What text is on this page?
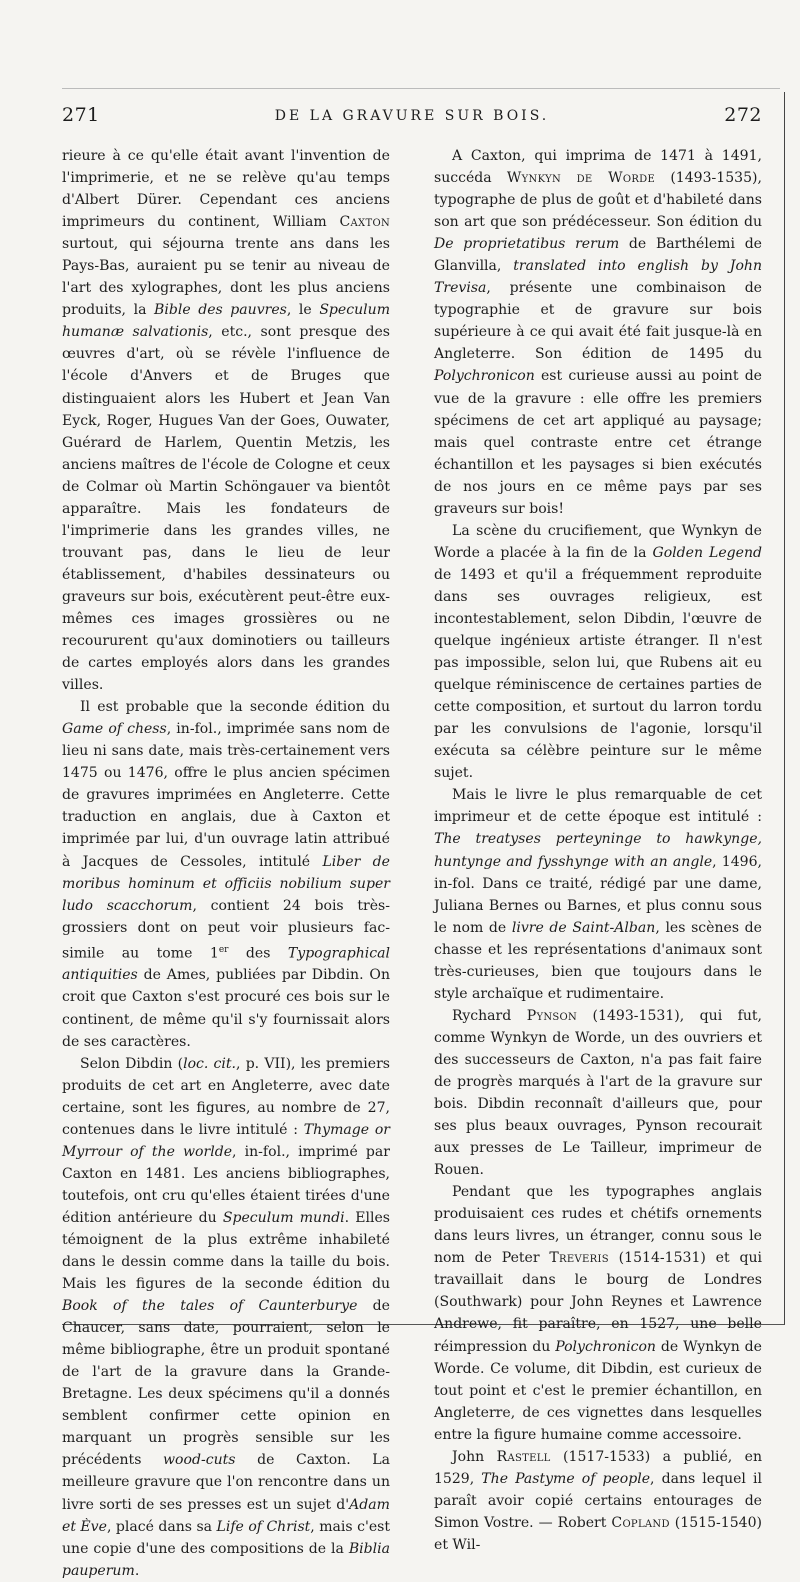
271	DE LA GRAVURE SUR BOIS.	272

rieure à ce qu'elle était avant l'invention de l'imprimerie, et ne se relève qu'au temps d'Albert Dürer. Cependant ces anciens imprimeurs du continent, William Caxton surtout, qui séjourna trente ans dans les Pays-Bas, auraient pu se tenir au niveau de l'art des xylographes, dont les plus anciens produits, la Bible des pauvres, le Speculum humanæ salvationis, etc., sont presque des œuvres d'art, où se révèle l'influence de l'école d'Anvers et de Bruges que distinguaient alors les Hubert et Jean Van Eyck, Roger, Hugues Van der Goes, Ouwater, Guérard de Harlem, Quentin Metzis, les anciens maîtres de l'école de Cologne et ceux de Colmar où Martin Schöngauer va bientôt apparaître. Mais les fondateurs de l'imprimerie dans les grandes villes, ne trouvant pas, dans le lieu de leur établissement, d'habiles dessinateurs ou graveurs sur bois, exécutèrent peut-être eux-mêmes ces images grossières ou ne recoururent qu'aux dominotiers ou tailleurs de cartes employés alors dans les grandes villes.

Il est probable que la seconde édition du Game of chess, in-fol., imprimée sans nom de lieu ni sans date, mais très-certainement vers 1475 ou 1476, offre le plus ancien spécimen de gravures imprimées en Angleterre. Cette traduction en anglais, due à Caxton et imprimée par lui, d'un ouvrage latin attribué à Jacques de Cessoles, intitulé Liber de moribus hominum et officiis nobilium super ludo scacchorum, contient 24 bois très-grossiers dont on peut voir plusieurs fac-simile au tome 1er des Typographical antiquities de Ames, publiées par Dibdin. On croit que Caxton s'est procuré ces bois sur le continent, de même qu'il s'y fournissait alors de ses caractères.

Selon Dibdin (loc. cit., p. VII), les premiers produits de cet art en Angleterre, avec date certaine, sont les figures, au nombre de 27, contenues dans le livre intitulé : Thymage or Myrrour of the worlde, in-fol., imprimé par Caxton en 1481. Les anciens bibliographes, toutefois, ont cru qu'elles étaient tirées d'une édition antérieure du Speculum mundi. Elles témoignent de la plus extrême inhabileté dans le dessin comme dans la taille du bois. Mais les figures de la seconde édition du Book of the tales of Caunterburye de Chaucer, sans date, pourraient, selon le même bibliographe, être un produit spontané de l'art de la gravure dans la Grande-Bretagne. Les deux spécimens qu'il a donnés semblent confirmer cette opinion en marquant un progrès sensible sur les précédents wood-cuts de Caxton. La meilleure gravure que l'on rencontre dans un livre sorti de ses presses est un sujet d'Adam et Ève, placé dans sa Life of Christ, mais c'est une copie d'une des compositions de la Biblia pauperum.

A Caxton, qui imprima de 1471 à 1491, succéda Wynkyn de Worde (1493-1535), typographe de plus de goût et d'habileté dans son art que son prédécesseur. Son édition du De proprietatibus rerum de Barthélemi de Glanvilla, translated into english by John Trevisa, présente une combinaison de typographie et de gravure sur bois supérieure à ce qui avait été fait jusque-là en Angleterre. Son édition de 1495 du Polychronicon est curieuse aussi au point de vue de la gravure : elle offre les premiers spécimens de cet art appliqué au paysage; mais quel contraste entre cet étrange échantillon et les paysages si bien exécutés de nos jours en ce même pays par ses graveurs sur bois!

La scène du crucifiement, que Wynkyn de Worde a placée à la fin de la Golden Legend de 1493 et qu'il a fréquemment reproduite dans ses ouvrages religieux, est incontestablement, selon Dibdin, l'œuvre de quelque ingénieux artiste étranger. Il n'est pas impossible, selon lui, que Rubens ait eu quelque réminiscence de certaines parties de cette composition, et surtout du larron tordu par les convulsions de l'agonie, lorsqu'il exécuta sa célèbre peinture sur le même sujet.

Mais le livre le plus remarquable de cet imprimeur et de cette époque est intitulé : The treatyses perteyninge to hawkynge, huntynge and fysshynge with an angle, 1496, in-fol. Dans ce traité, rédigé par une dame, Juliana Bernes ou Barnes, et plus connu sous le nom de livre de Saint-Alban, les scènes de chasse et les représentations d'animaux sont très-curieuses, bien que toujours dans le style archaïque et rudimentaire.

Rychard Pynson (1493-1531), qui fut, comme Wynkyn de Worde, un des ouvriers et des successeurs de Caxton, n'a pas fait faire de progrès marqués à l'art de la gravure sur bois. Dibdin reconnaît d'ailleurs que, pour ses plus beaux ouvrages, Pynson recourait aux presses de Le Tailleur, imprimeur de Rouen.

Pendant que les typographes anglais produisaient ces rudes et chétifs ornements dans leurs livres, un étranger, connu sous le nom de Peter Treveris (1514-1531) et qui travaillait dans le bourg de Londres (Southwark) pour John Reynes et Lawrence Andrewe, fit paraître, en 1527, une belle réimpression du Polychronicon de Wynkyn de Worde. Ce volume, dit Dibdin, est curieux de tout point et c'est le premier échantillon, en Angleterre, de ces vignettes dans lesquelles entre la figure humaine comme accessoire.

John Rastell (1517-1533) a publié, en 1529, The Pastyme of people, dans lequel il paraît avoir copié certains entourages de Simon Vostre. — Robert Copland (1515-1540) et Wil-
